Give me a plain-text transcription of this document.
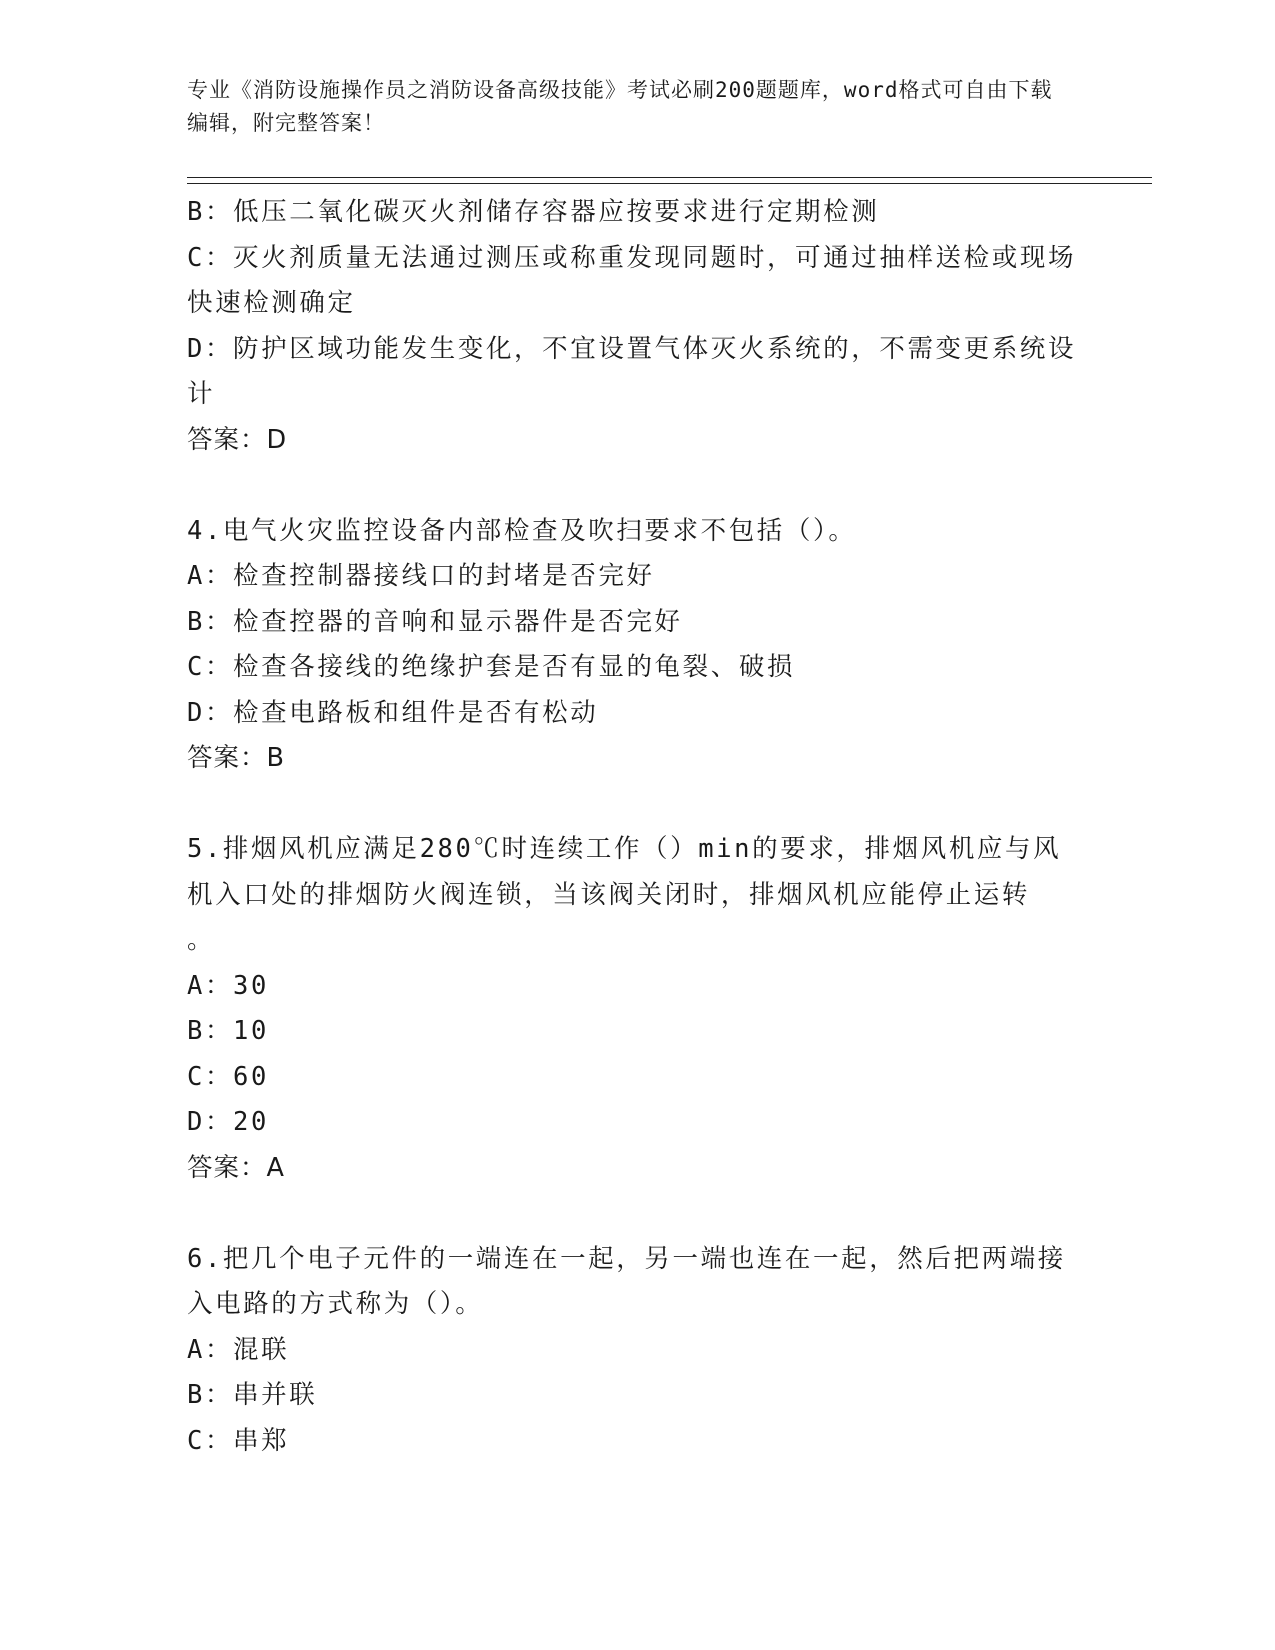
专业《消防设施操作员之消防设备高级技能》考试必刷200题题库，word格式可自由下载编辑，附完整答案！
B：低压二氧化碳灭火剂储存容器应按要求进行定期检测
C：灭火剂质量无法通过测压或称重发现同题时，可通过抽样送检或现场快速检测确定
D：防护区域功能发生变化，不宜设置气体灭火系统的，不需变更系统设计
答案：D
4.电气火灾监控设备内部检查及吹扫要求不包括（）。
A：检查控制器接线口的封堵是否完好
B：检查控器的音响和显示器件是否完好
C：检查各接线的绝缘护套是否有显的龟裂、破损
D：检查电路板和组件是否有松动
答案：B
5.排烟风机应满足280℃时连续工作（）min的要求，排烟风机应与风机入口处的排烟防火阀连锁，当该阀关闭时，排烟风机应能停止运转
。
A：30
B：10
C：60
D：20
答案：A
6.把几个电子元件的一端连在一起，另一端也连在一起，然后把两端接入电路的方式称为（）。
A：混联
B：串并联
C：串郑
